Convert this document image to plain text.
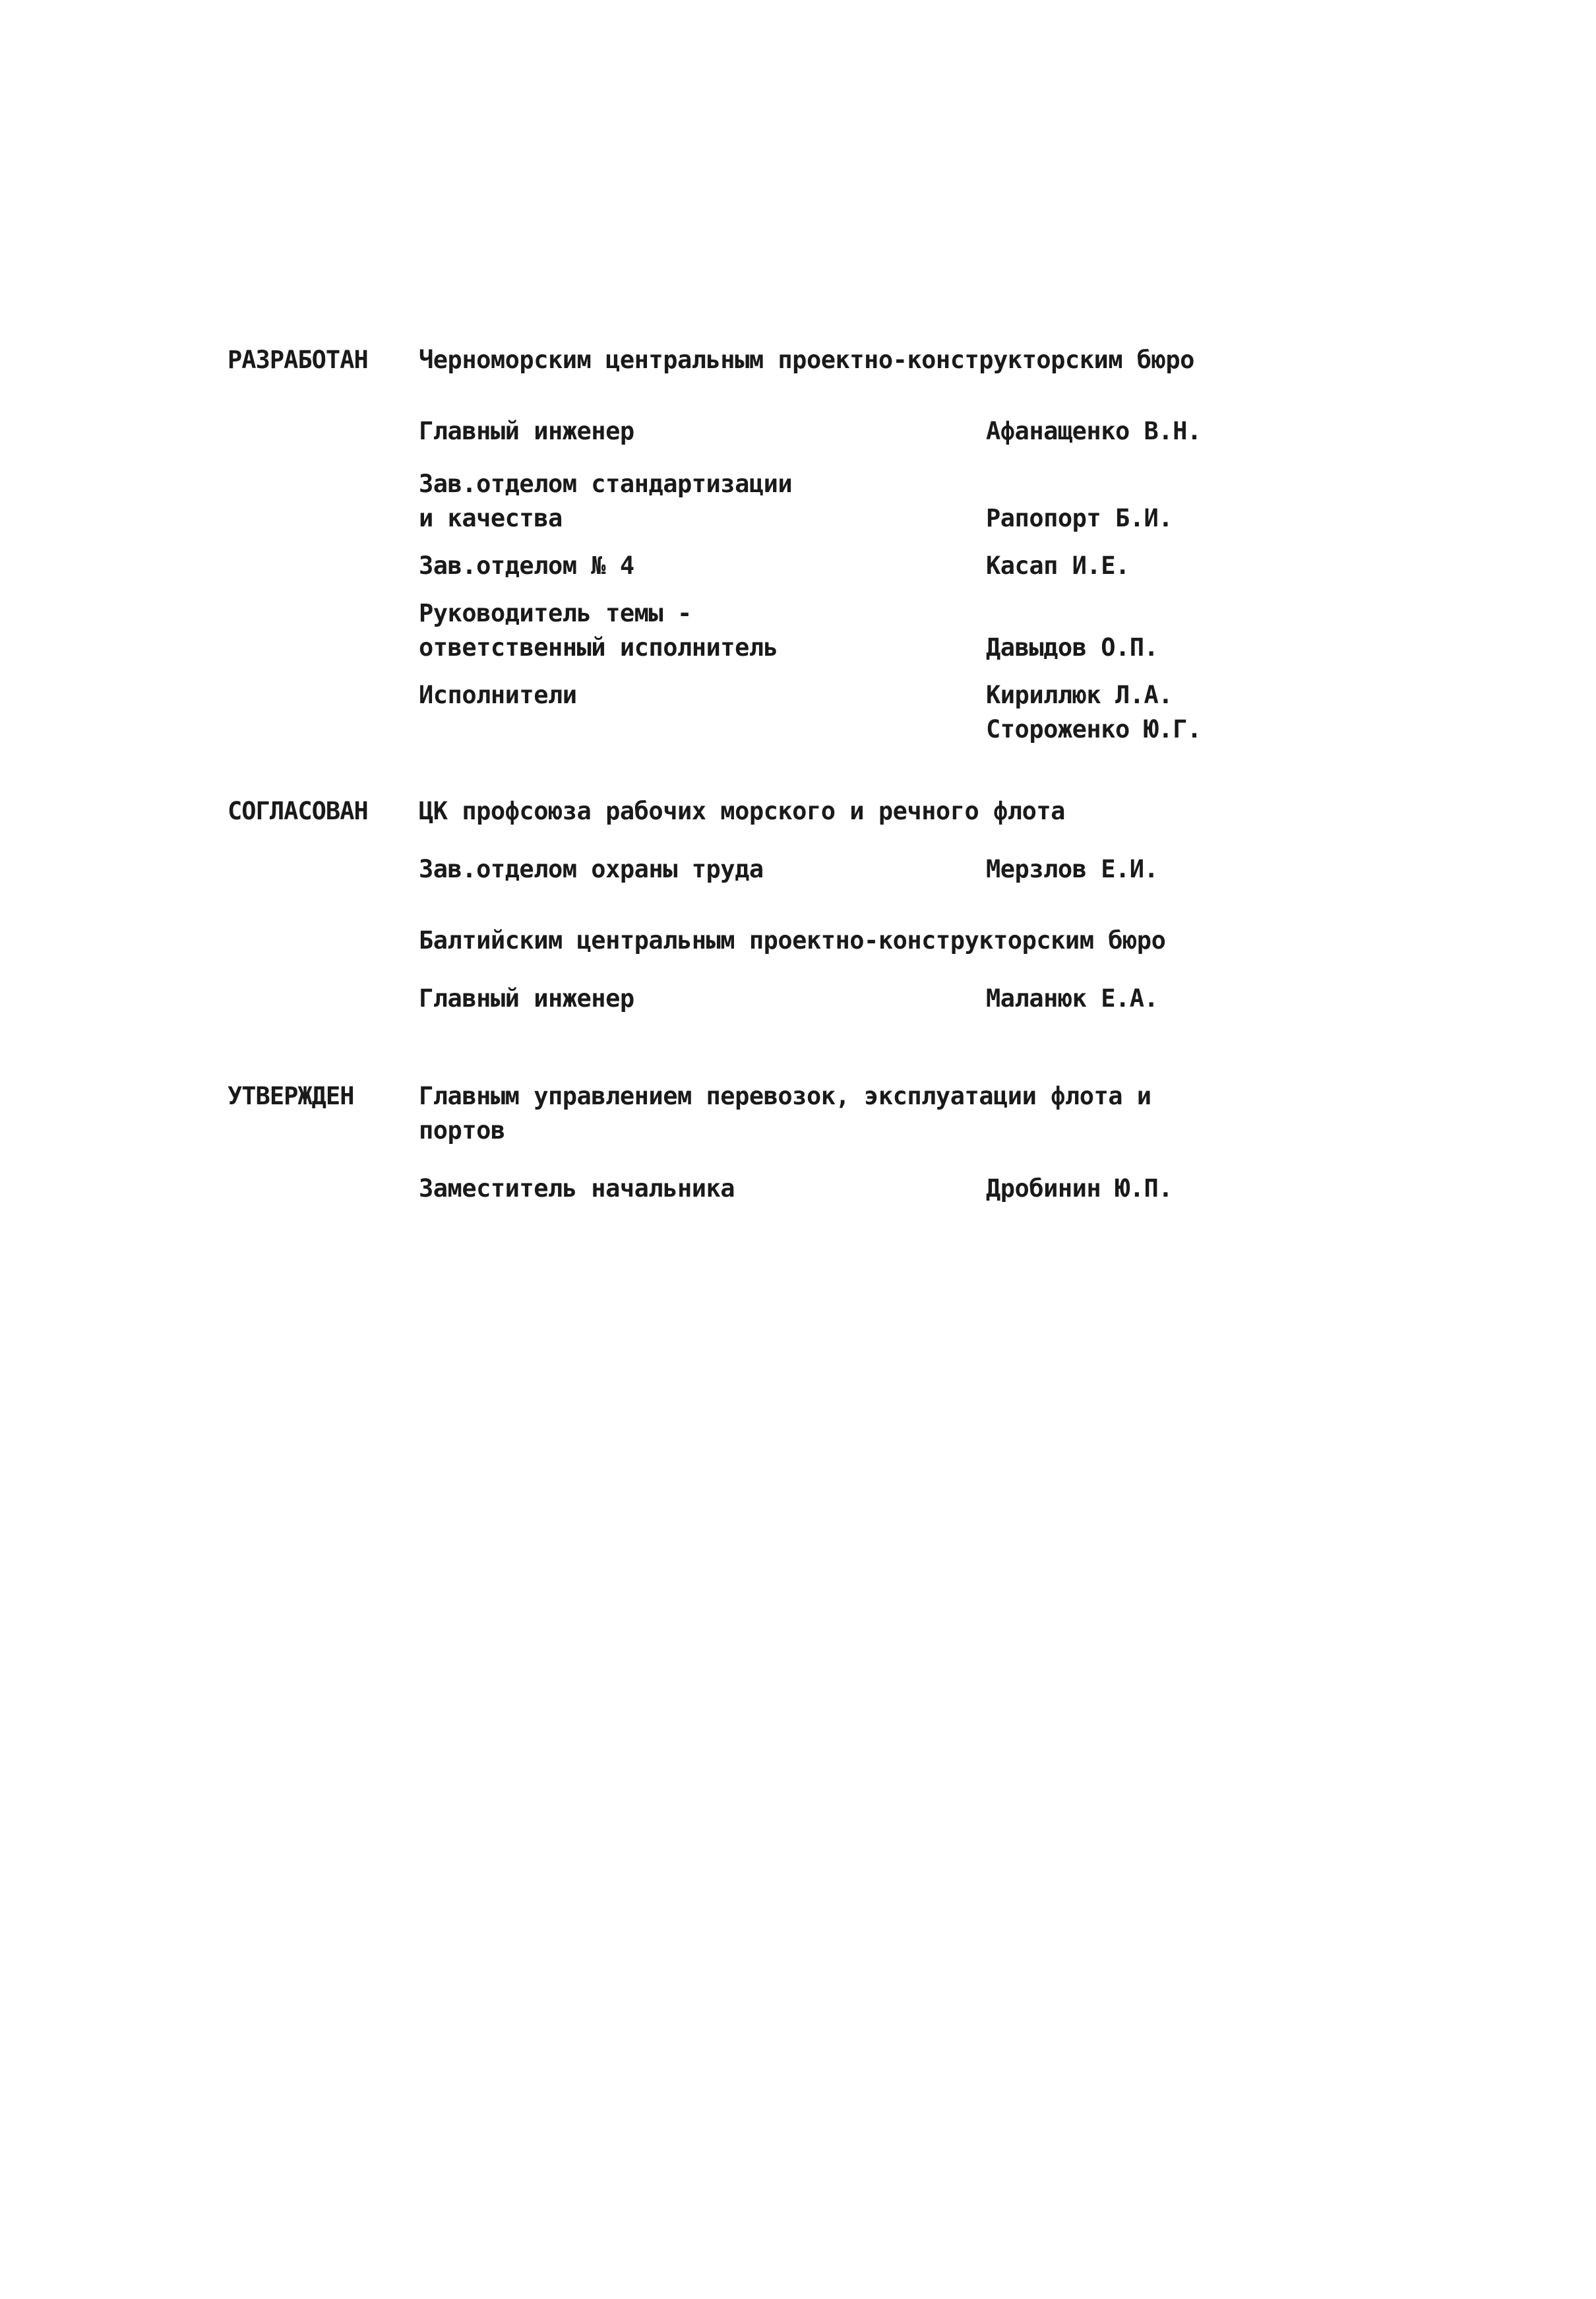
РАЗРАБОТАН	Черноморским центральным проектно-конструкторским бюро
Главный инженер	Афанащенко В.Н.
Зав.отделом стандартизации
и качества	Рапопорт Б.И.
Зав.отделом № 4	Касап И.Е.
Руководитель темы -
ответственный исполнитель	Давыдов О.П.
Исполнители	Кириллюк Л.А.
Стороженко Ю.Г.
СОГЛАСОВАН	ЦК профсоюза рабочих морского и речного флота
Зав.отделом охраны труда	Мерзлов Е.И.
Балтийским центральным проектно-конструкторским бюро
Главный инженер	Маланюк Е.А.
УТВЕРЖДЕН	Главным управлением перевозок, эксплуатации флота и портов
Заместитель начальника	Дробинин Ю.П.
